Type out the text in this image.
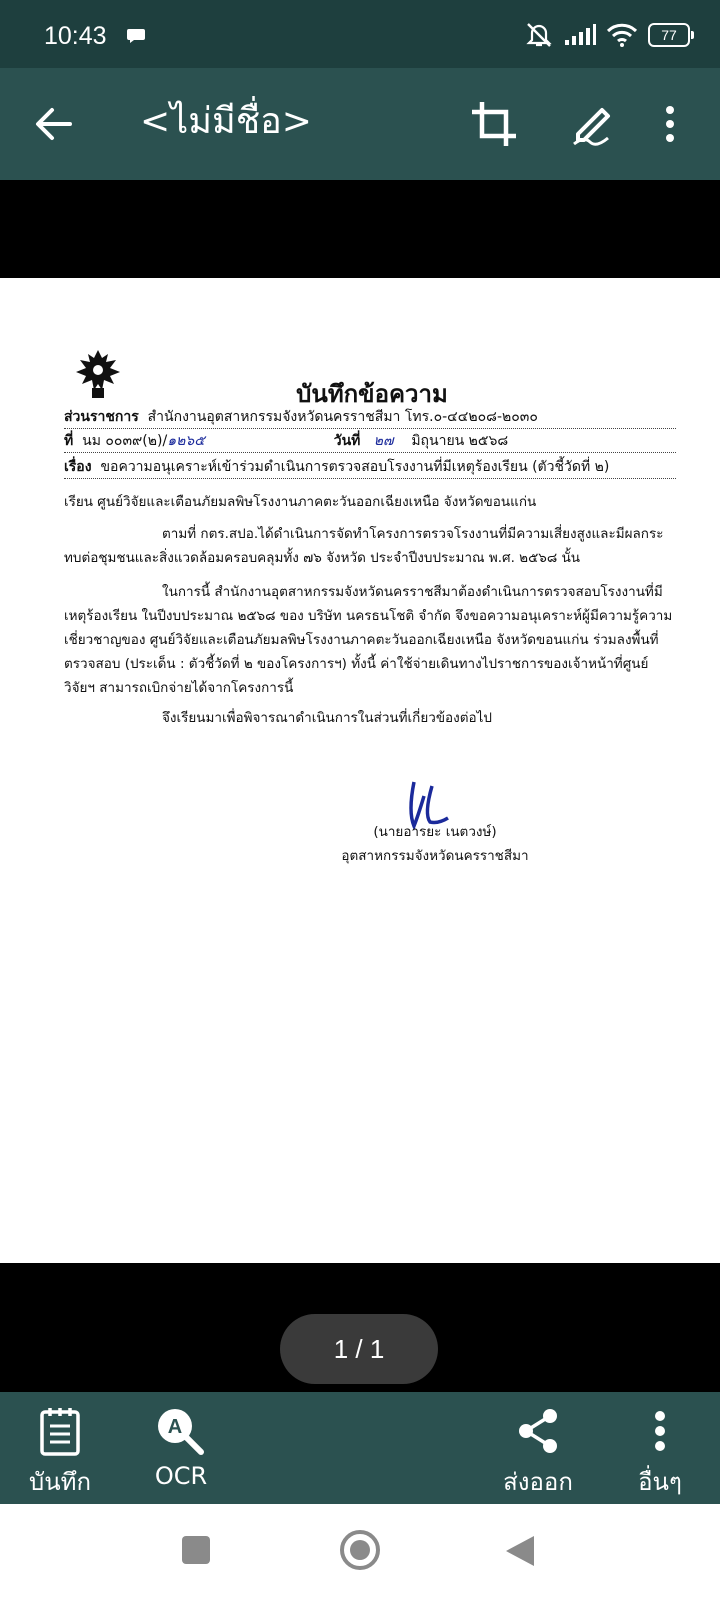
10:43	77
<ไม่มีชื่อ>
บันทึกข้อความ
ส่วนราชการ สำนักงานอุตสาหกรรมจังหวัดนครราชสีมา โทร.๐-๔๔๒๐๘-๒๐๓๐
ที่ นม ๐๐๓๙(๒)/๑๒๖๕	วันที่ ๒๗ มิถุนายน ๒๕๖๘
เรื่อง ขอความอนุเคราะห์เข้าร่วมดำเนินการตรวจสอบโรงงานที่มีเหตุร้องเรียน (ตัวชี้วัดที่ ๒)
เรียน ศูนย์วิจัยและเตือนภัยมลพิษโรงงานภาคตะวันออกเฉียงเหนือ จังหวัดขอนแก่น
ตามที่ กตร.สปอ.ได้ดำเนินการจัดทำโครงการตรวจโรงงานที่มีความเสี่ยงสูงและมีผลกระทบต่อชุมชนและสิ่งแวดล้อมครอบคลุมทั้ง ๗๖ จังหวัด ประจำปีงบประมาณ พ.ศ. ๒๕๖๘ นั้น
ในการนี้ สำนักงานอุตสาหกรรมจังหวัดนครราชสีมาต้องดำเนินการตรวจสอบโรงงานที่มีเหตุร้องเรียน ในปีงบประมาณ ๒๕๖๘ ของ บริษัท นครธนโชติ จำกัด จึงขอความอนุเคราะห์ผู้มีความรู้ความเชี่ยวชาญของ ศูนย์วิจัยและเตือนภัยมลพิษโรงงานภาคตะวันออกเฉียงเหนือ จังหวัดขอนแก่น ร่วมลงพื้นที่ตรวจสอบ (ประเด็น : ตัวชี้วัดที่ ๒ ของโครงการฯ) ทั้งนี้ ค่าใช้จ่ายเดินทางไปราชการของเจ้าหน้าที่ศูนย์วิจัยฯ สามารถเบิกจ่ายได้จากโครงการนี้
จึงเรียนมาเพื่อพิจารณาดำเนินการในส่วนที่เกี่ยวข้องต่อไป
(นายอารยะ เนตวงษ์)
อุตสาหกรรมจังหวัดนครราชสีมา
1 / 1
บันทึก
A
OCR	ส่งออก	อื่นๆ
